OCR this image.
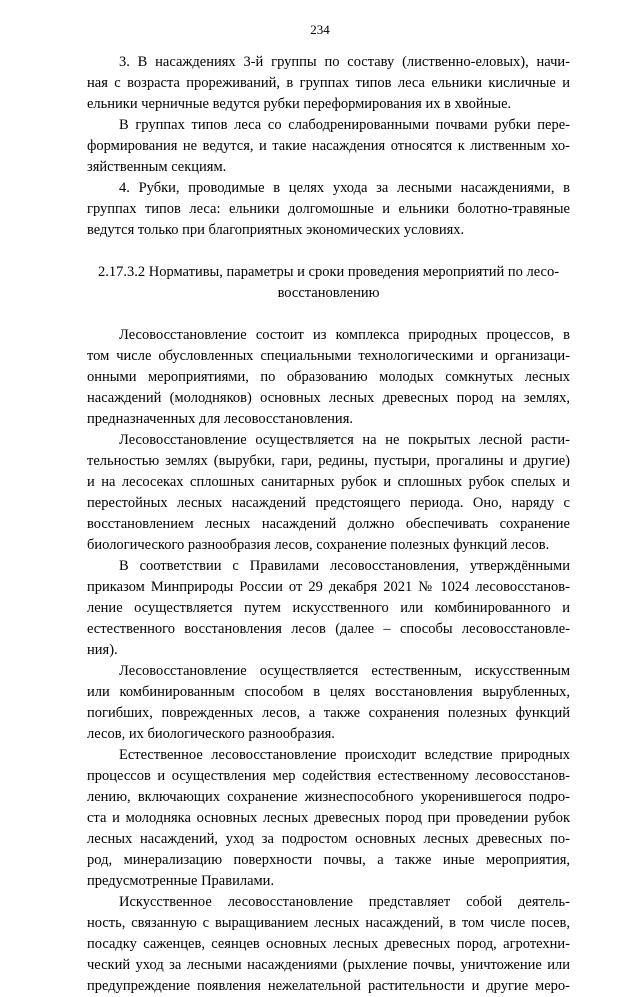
234
3. В насаждениях 3-й группы по составу (лиственно-еловых), начи-
ная с возраста прореживаний, в группах типов леса ельники кисличные и
ельники черничные ведутся рубки переформирования их в хвойные.
В группах типов леса со слабодренированными почвами рубки пере-
формирования не ведутся, и такие насаждения относятся к лиственным хо-
зяйственным секциям.
4. Рубки, проводимые в целях ухода за лесными насаждениями, в
группах типов леса: ельники долгомошные и ельники болотно-травяные
ведутся только при благоприятных экономических условиях.
2.17.3.2 Нормативы, параметры и сроки проведения мероприятий по лесо-
восстановлению
Лесовосстановление состоит из комплекса природных процессов, в
том числе обусловленных специальными технологическими и организаци-
онными мероприятиями, по образованию молодых сомкнутых лесных
насаждений (молодняков) основных лесных древесных пород на землях,
предназначенных для лесовосстановления.
Лесовосстановление осуществляется на не покрытых лесной расти-
тельностью землях (вырубки, гари, редины, пустыри, прогалины и другие)
и на лесосеках сплошных санитарных рубок и сплошных рубок спелых и
перестойных лесных насаждений предстоящего периода. Оно, наряду с
восстановлением лесных насаждений должно обеспечивать сохранение
биологического разнообразия лесов, сохранение полезных функций лесов.
В соответствии с Правилами лесовосстановления, утверждёнными
приказом Минприроды России от 29 декабря 2021 № 1024 лесовосстанов-
ление осуществляется путем искусственного или комбинированного и
естественного восстановления лесов (далее – способы лесовосстановле-
ния).
Лесовосстановление осуществляется естественным, искусственным
или комбинированным способом в целях восстановления вырубленных,
погибших, поврежденных лесов, а также сохранения полезных функций
лесов, их биологического разнообразия.
Естественное лесовосстановление происходит вследствие природных
процессов и осуществления мер содействия естественному лесовосстанов-
лению, включающих сохранение жизнеспособного укоренившегося подро-
ста и молодняка основных лесных древесных пород при проведении рубок
лесных насаждений, уход за подростом основных лесных древесных по-
род, минерализацию поверхности почвы, а также иные мероприятия,
предусмотренные Правилами.
Искусственное лесовосстановление представляет собой деятель-
ность, связанную с выращиванием лесных насаждений, в том числе посев,
посадку саженцев, сеянцев основных лесных древесных пород, агротехни-
ческий уход за лесными насаждениями (рыхление почвы, уничтожение или
предупреждение появления нежелательной растительности и другие меро-
